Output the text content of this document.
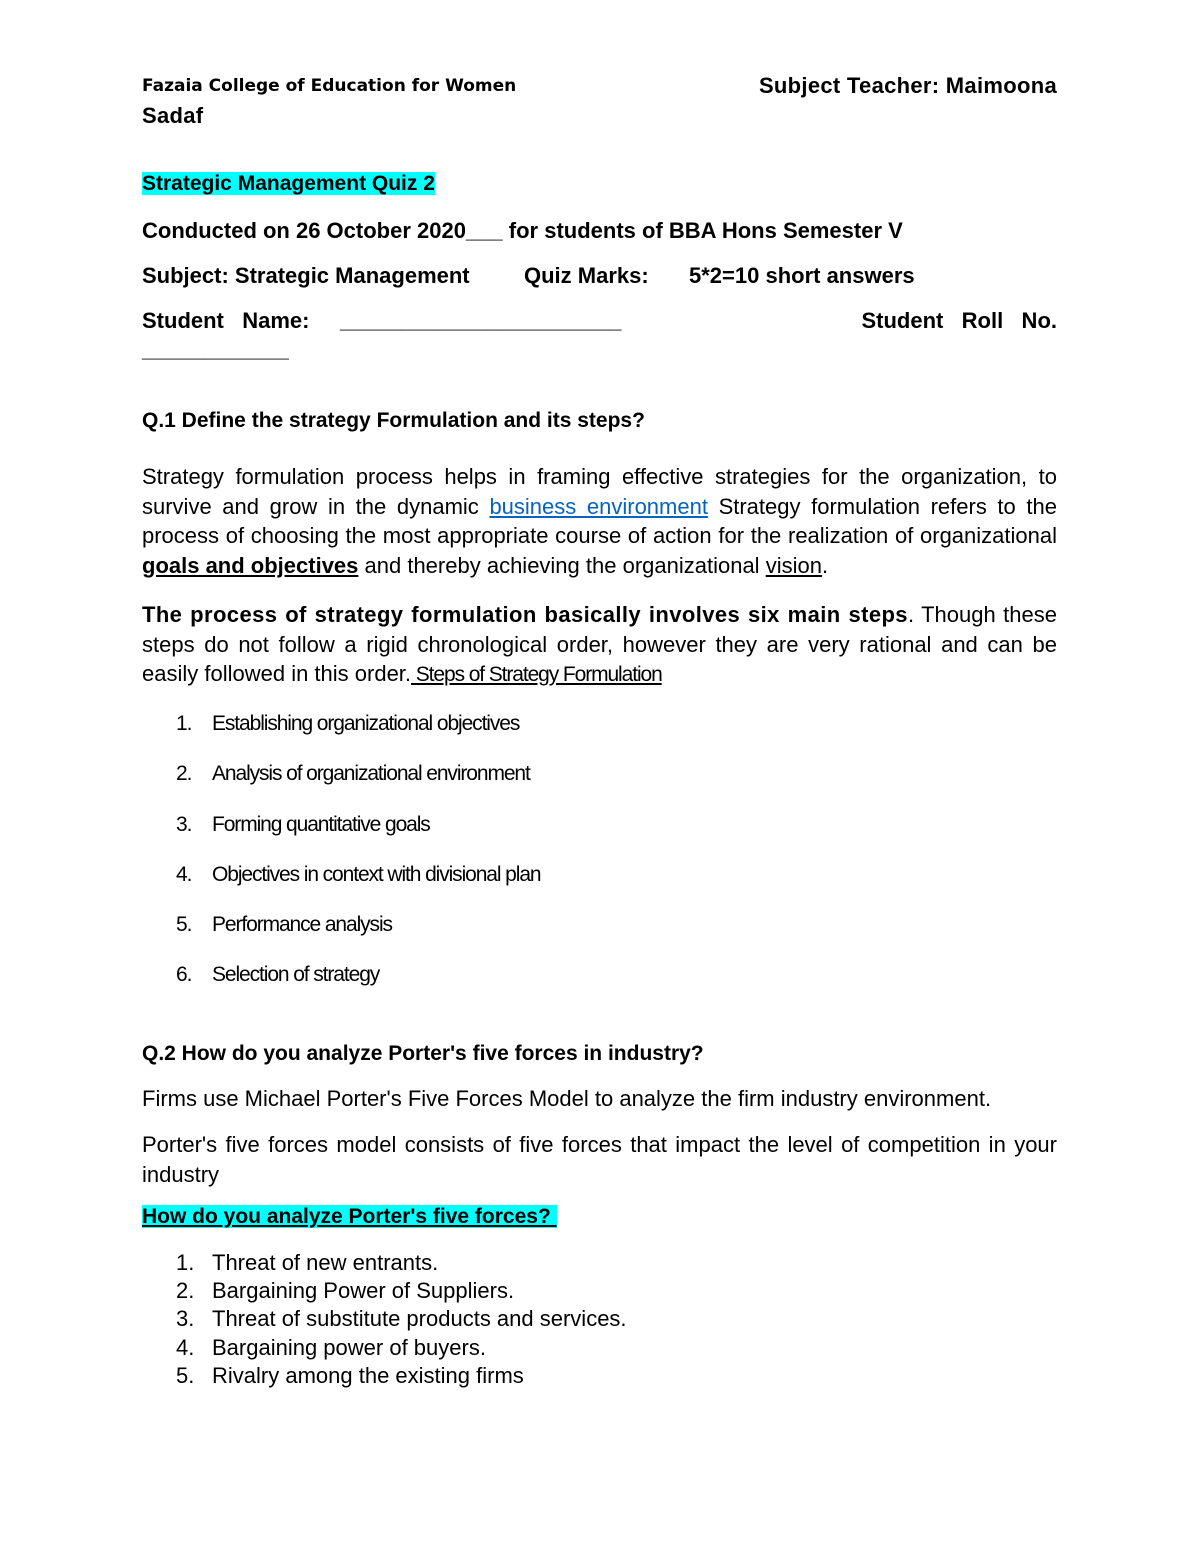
Fazaia College of Education for Women	Subject Teacher: Maimoona
Sadaf
Strategic Management Quiz 2
Conducted on 26 October 2020___ for students of BBA Hons Semester V
Subject: Strategic Management Quiz Marks: 5*2=10 short answers
Student   Name: _______________________	Student   Roll   No.
____________
Q.1 Define the strategy Formulation and its steps?
Strategy formulation process helps in framing effective strategies for the organization, to survive and grow in the dynamic business environment Strategy formulation refers to the process of choosing the most appropriate course of action for the realization of organizational goals and objectives and thereby achieving the organizational vision.
The process of strategy formulation basically involves six main steps. Though these steps do not follow a rigid chronological order, however they are very rational and can be easily followed in this order. Steps of Strategy Formulation
1. Establishing organizational objectives
2. Analysis of organizational environment
3. Forming quantitative goals
4. Objectives in context with divisional plan
5. Performance analysis
6. Selection of strategy
Q.2 How do you analyze Porter's five forces in industry?
Firms use Michael Porter's Five Forces Model to analyze the firm industry environment.
Porter's five forces model consists of five forces that impact the level of competition in your industry
How do you analyze Porter's five forces?
1. Threat of new entrants.
2. Bargaining Power of Suppliers.
3. Threat of substitute products and services.
4. Bargaining power of buyers.
5. Rivalry among the existing firms
